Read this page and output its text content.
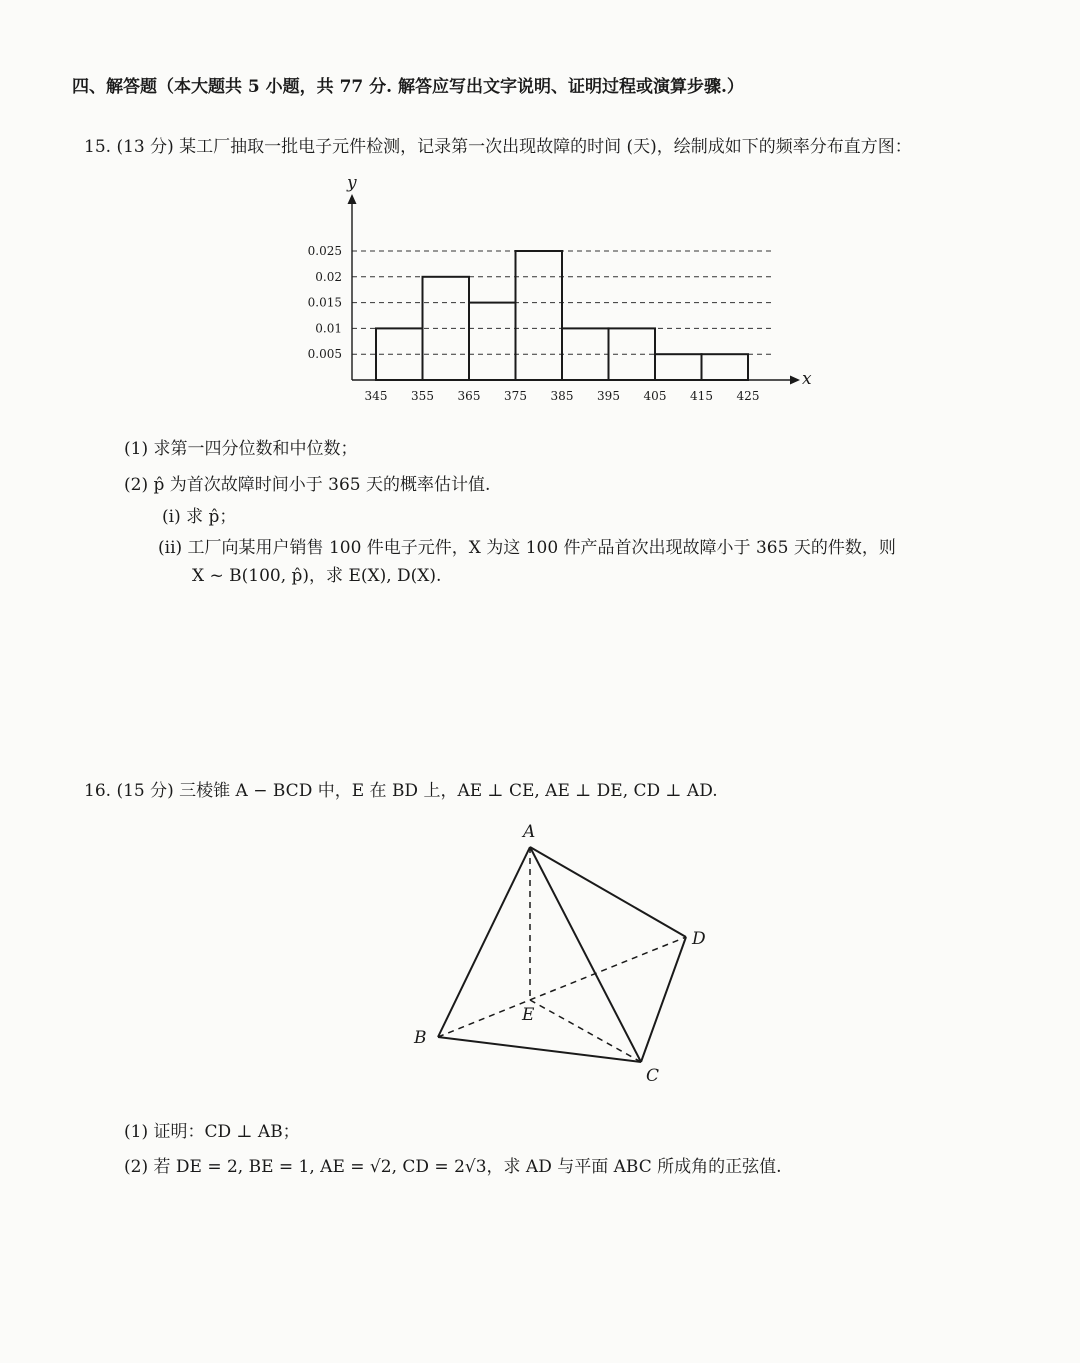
四、解答题（本大题共 5 小题，共 77 分. 解答应写出文字说明、证明过程或演算步骤.）
15. (13 分) 某工厂抽取一批电子元件检测，记录第一次出现故障的时间 (天)，绘制成如下的频率分布直方图：
x
y
0.005
0.01
0.015
0.02
0.025
345 355 365 375 385 395 405 415 425
(1) 求第一四分位数和中位数；
(2) p̂ 为首次故障时间小于 365 天的概率估计值.
(i) 求 p̂；
(ii) 工厂向某用户销售 100 件电子元件，X 为这 100 件产品首次出现故障小于 365 天的件数，则
X ~ B(100, p̂)，求 E(X), D(X).
16. (15 分) 三棱锥 A − BCD 中，E 在 BD 上，AE ⊥ CE, AE ⊥ DE, CD ⊥ AD.
A
B
C
D
E
(1) 证明：CD ⊥ AB；
(2) 若 DE = 2, BE = 1, AE = √2, CD = 2√3，求 AD 与平面 ABC 所成角的正弦值.
